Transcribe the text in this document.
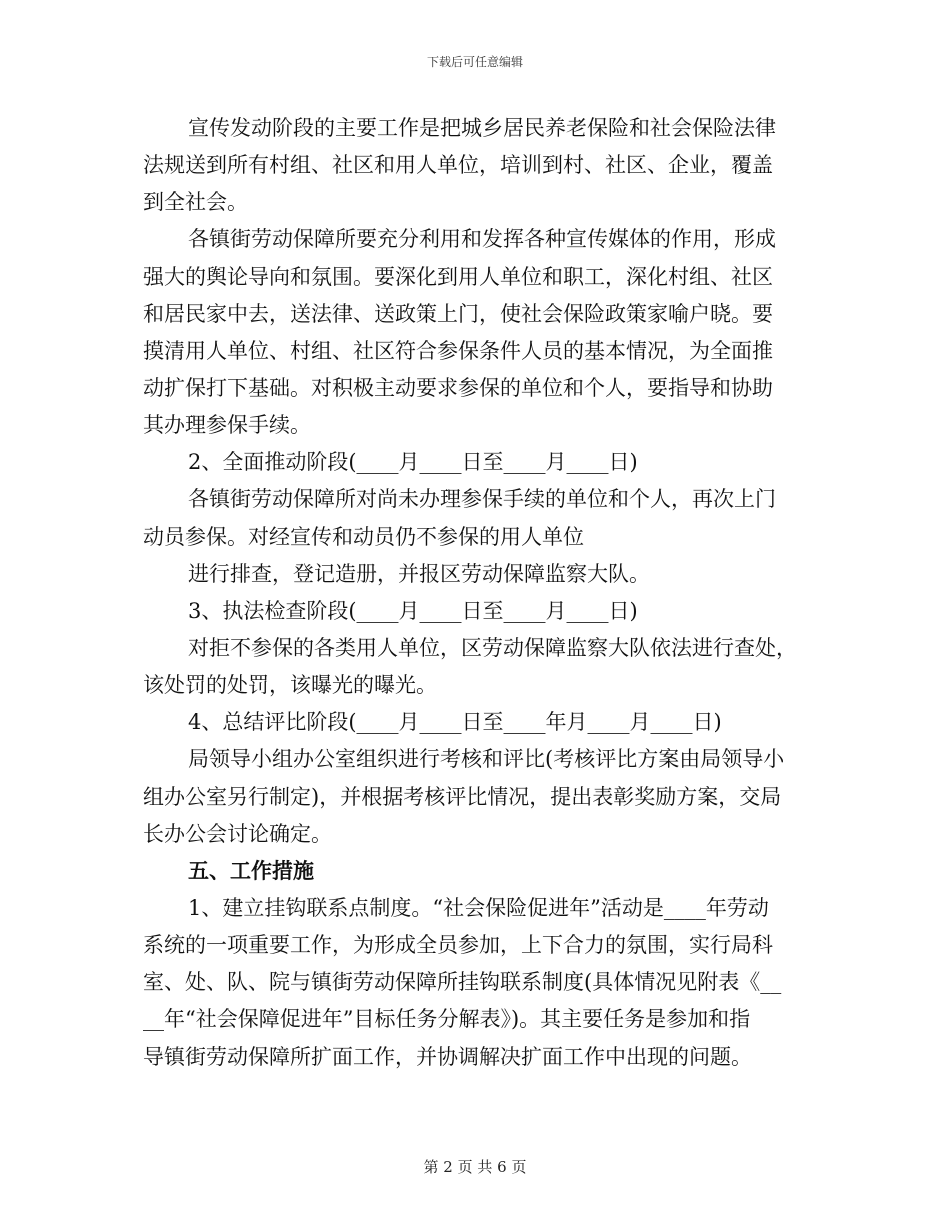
下载后可任意编辑
宣传发动阶段的主要工作是把城乡居民养老保险和社会保险法律
法规送到所有村组、社区和用人单位，培训到村、社区、企业，覆盖
到全社会。
各镇街劳动保障所要充分利用和发挥各种宣传媒体的作用，形成
强大的舆论导向和氛围。要深化到用人单位和职工，深化村组、社区
和居民家中去，送法律、送政策上门，使社会保险政策家喻户晓。要
摸清用人单位、村组、社区符合参保条件人员的基本情况，为全面推
动扩保打下基础。对积极主动要求参保的单位和个人，要指导和协助
其办理参保手续。
2、全面推动阶段(____月____日至____月____日)
各镇街劳动保障所对尚未办理参保手续的单位和个人，再次上门
动员参保。对经宣传和动员仍不参保的用人单位
进行排查，登记造册，并报区劳动保障监察大队。
3、执法检查阶段(____月____日至____月____日)
对拒不参保的各类用人单位，区劳动保障监察大队依法进行查处，
该处罚的处罚，该曝光的曝光。
4、总结评比阶段(____月____日至____年月____月____日)
局领导小组办公室组织进行考核和评比(考核评比方案由局领导小
组办公室另行制定)，并根据考核评比情况，提出表彰奖励方案，交局
长办公会讨论确定。
五、工作措施
1、建立挂钩联系点制度。“社会保险促进年”活动是____年劳动
系统的一项重要工作，为形成全员参加，上下合力的氛围，实行局科
室、处、队、院与镇街劳动保障所挂钩联系制度(具体情况见附表《__
__年“社会保障促进年”目标任务分解表》)。其主要任务是参加和指
导镇街劳动保障所扩面工作，并协调解决扩面工作中出现的问题。
第 2 页 共 6 页
